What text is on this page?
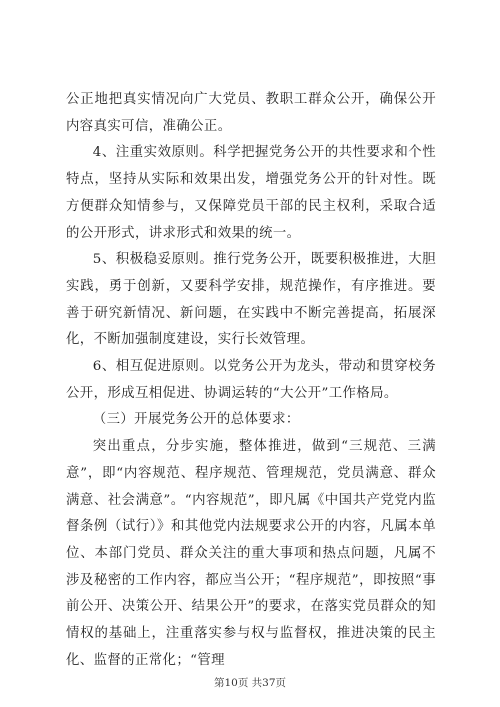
公正地把真实情况向广大党员、教职工群众公开，确保公开内容真实可信，准确公正。

4、注重实效原则。科学把握党务公开的共性要求和个性特点，坚持从实际和效果出发，增强党务公开的针对性。既方便群众知情参与，又保障党员干部的民主权利，采取合适的公开形式，讲求形式和效果的统一。

5、积极稳妥原则。推行党务公开，既要积极推进，大胆实践，勇于创新，又要科学安排，规范操作，有序推进。要善于研究新情况、新问题，在实践中不断完善提高，拓展深化，不断加强制度建设，实行长效管理。

6、相互促进原则。以党务公开为龙头，带动和贯穿校务公开，形成互相促进、协调运转的“大公开”工作格局。

（三）开展党务公开的总体要求：

突出重点，分步实施，整体推进，做到“三规范、三满意”，即“内容规范、程序规范、管理规范，党员满意、群众满意、社会满意”。“内容规范”，即凡属《中国共产党党内监督条例（试行）》和其他党内法规要求公开的内容，凡属本单位、本部门党员、群众关注的重大事项和热点问题，凡属不涉及秘密的工作内容，都应当公开；“程序规范”，即按照“事前公开、决策公开、结果公开”的要求，在落实党员群众的知情权的基础上，注重落实参与权与监督权，推进决策的民主化、监督的正常化；“管理

第10页 共37页
